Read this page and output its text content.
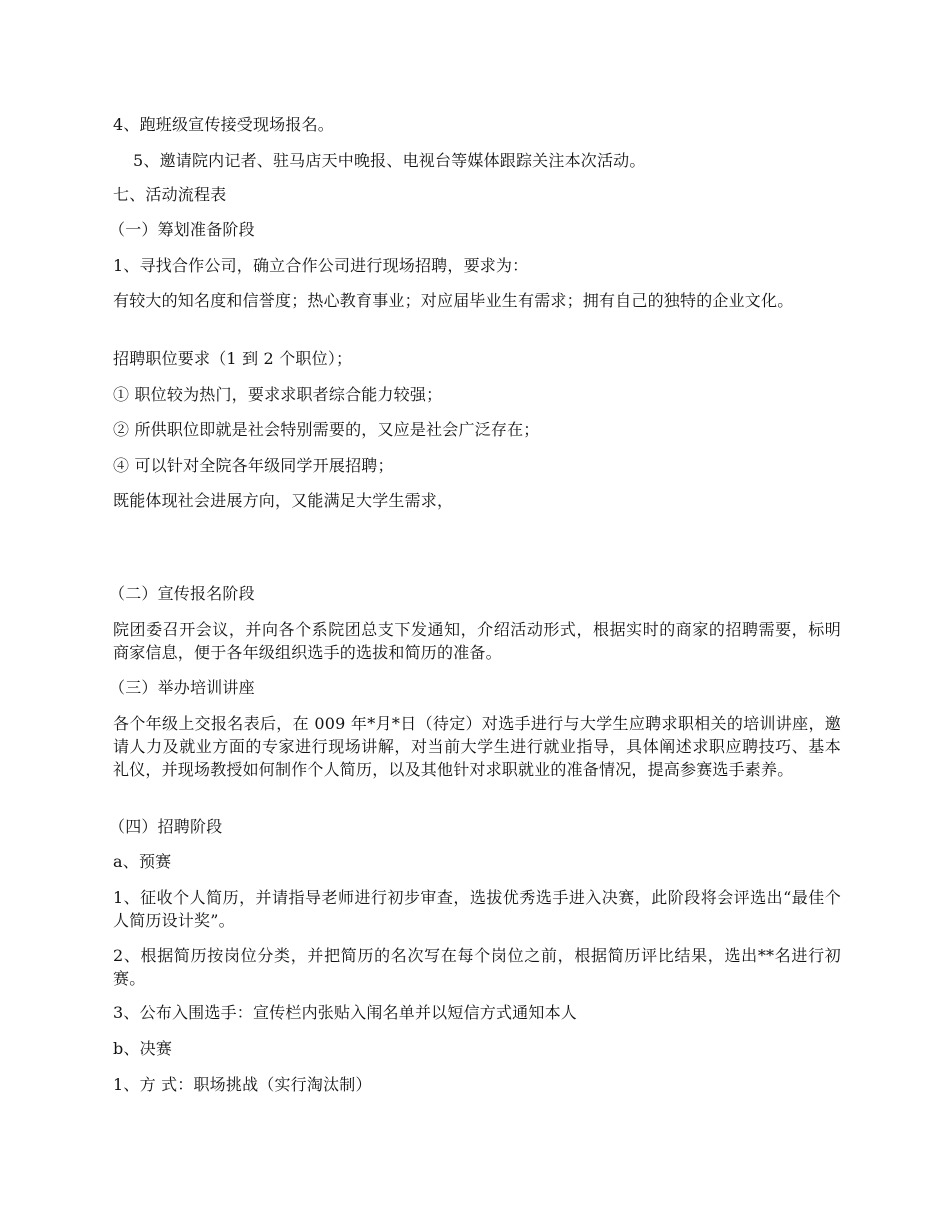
4、跑班级宣传接受现场报名。
5、邀请院内记者、驻马店天中晚报、电视台等媒体跟踪关注本次活动。
七、活动流程表
（一）筹划准备阶段
1、寻找合作公司，确立合作公司进行现场招聘，要求为：
有较大的知名度和信誉度；热心教育事业；对应届毕业生有需求；拥有自己的独特的企业文化。
招聘职位要求（1 到 2 个职位）；
① 职位较为热门，要求求职者综合能力较强；
② 所供职位即就是社会特别需要的，又应是社会广泛存在；
④ 可以针对全院各年级同学开展招聘；
既能体现社会进展方向，又能满足大学生需求，
（二）宣传报名阶段
院团委召开会议，并向各个系院团总支下发通知，介绍活动形式，根据实时的商家的招聘需要，标明商家信息，便于各年级组织选手的选拔和简历的准备。
（三）举办培训讲座
各个年级上交报名表后，在 009 年*月*日（待定）对选手进行与大学生应聘求职相关的培训讲座，邀请人力及就业方面的专家进行现场讲解，对当前大学生进行就业指导，具体阐述求职应聘技巧、基本礼仪，并现场教授如何制作个人简历，以及其他针对求职就业的准备情况，提高参赛选手素养。
（四）招聘阶段
a、预赛
1、征收个人简历，并请指导老师进行初步审查，选拔优秀选手进入决赛，此阶段将会评选出“最佳个人简历设计奖”。
2、根据简历按岗位分类，并把简历的名次写在每个岗位之前，根据简历评比结果，选出**名进行初赛。
3、公布入围选手：宣传栏内张贴入闱名单并以短信方式通知本人
b、决赛
1、方 式：职场挑战（实行淘汰制）
